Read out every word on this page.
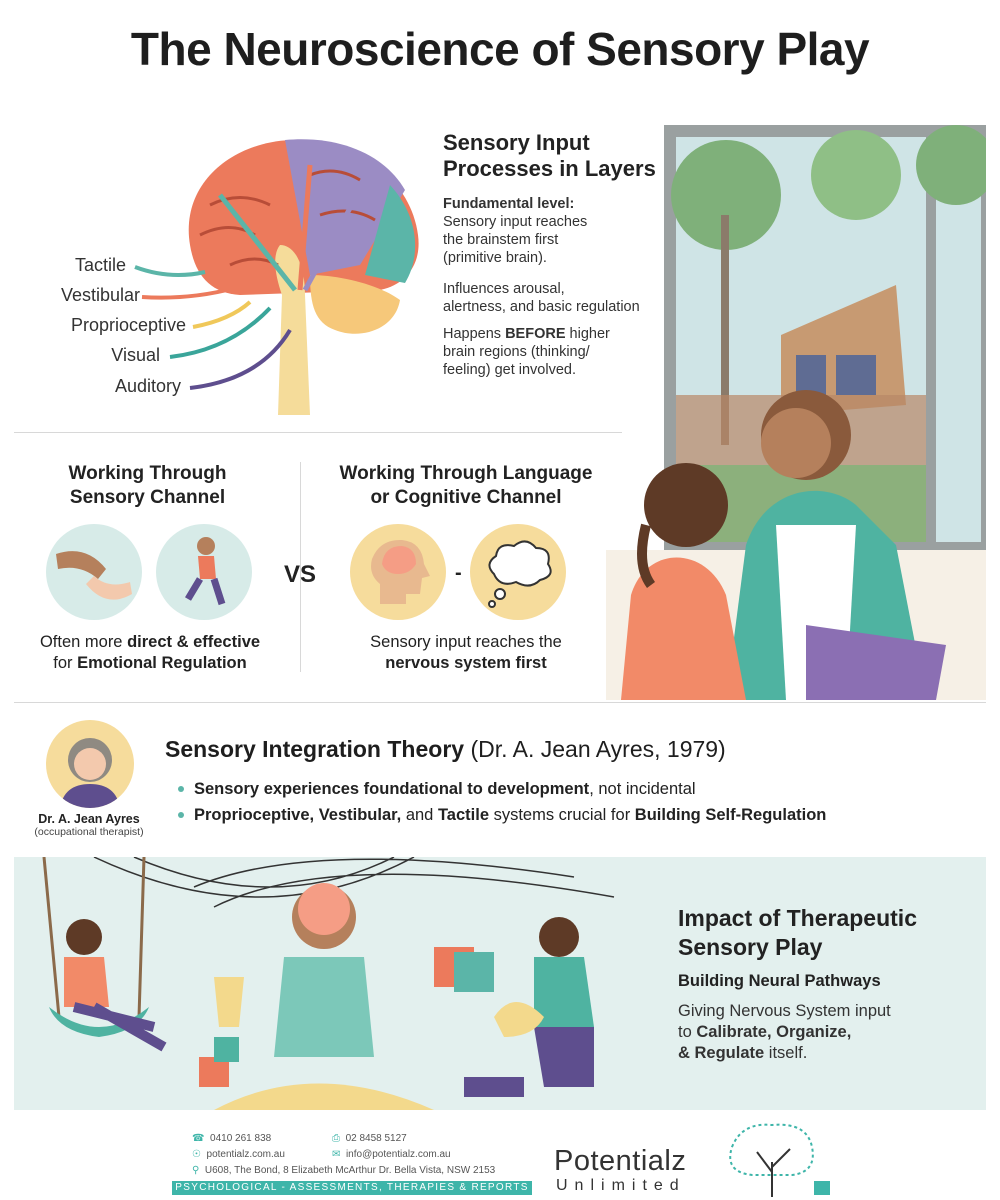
The Neuroscience of Sensory Play
Tactile
Vestibular
Proprioceptive
Visual
Auditory
Sensory Input
Processes in Layers
Fundamental level:
Sensory input reaches
the brainstem first
(primitive brain).
Influences arousal,
alertness, and basic regulation
Happens BEFORE higher
brain regions (thinking/
feeling) get involved.
Working Through
Sensory Channel
Often more direct & effective
for Emotional Regulation
VS
Working Through Language
or Cognitive Channel
-
Sensory input reaches the
nervous system first
Dr. A. Jean Ayres
(occupational therapist)
Sensory Integration Theory (Dr. A. Jean Ayres, 1979)
Sensory experiences foundational to development, not incidental
Proprioceptive, Vestibular, and Tactile systems crucial for Building Self-Regulation
Impact of Therapeutic
Sensory Play
Building Neural Pathways
Giving Nervous System input
to Calibrate, Organize,
& Regulate itself.
☎ 0410 261 838	⎙ 02 8458 5127
☉ potentialz.com.au	✉ info@potentialz.com.au
⚲ U608, The Bond, 8 Elizabeth McArthur Dr. Bella Vista, NSW 2153
PSYCHOLOGICAL - ASSESSMENTS, THERAPIES & REPORTS
Potentialz
Unlimited
